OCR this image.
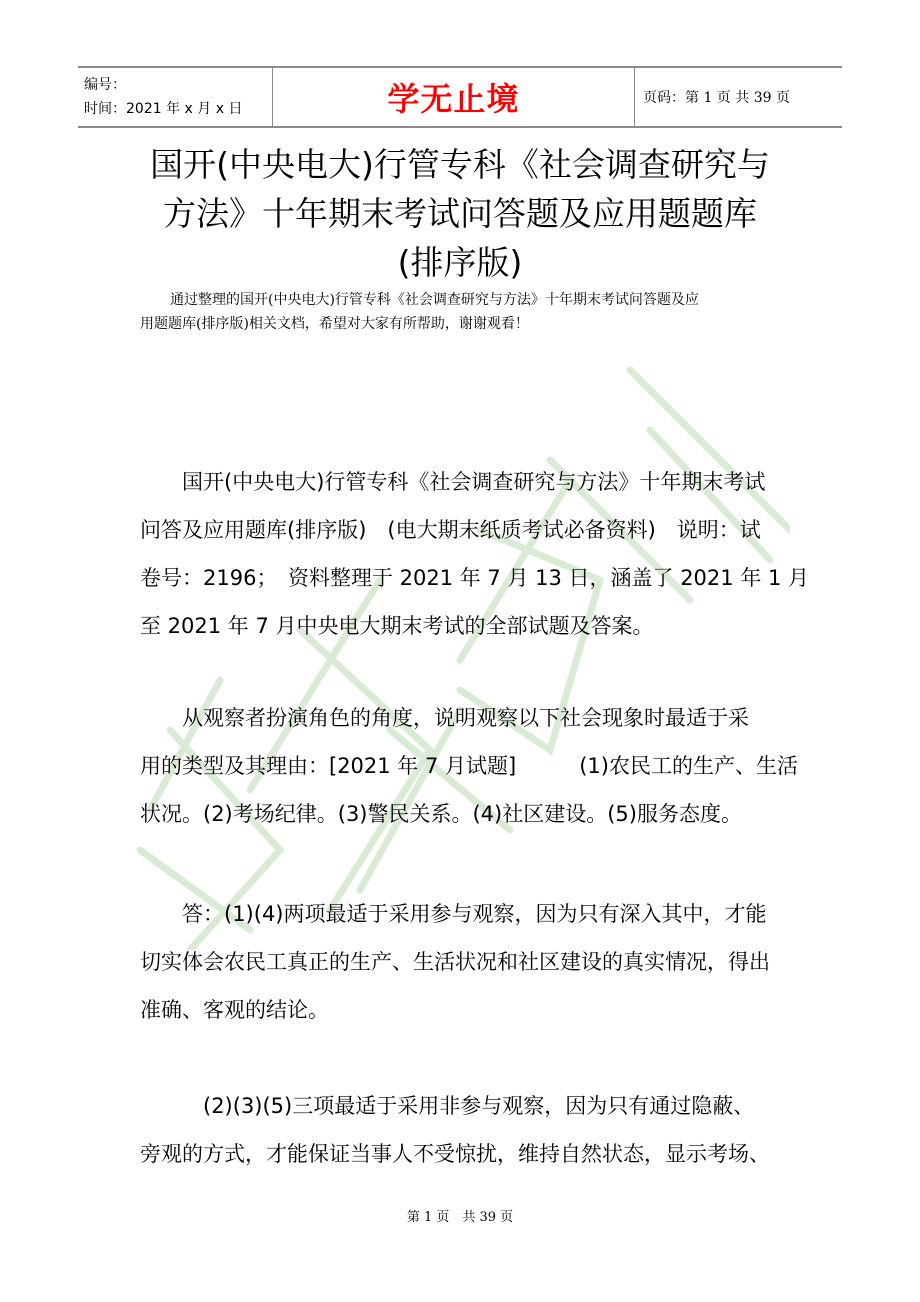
编号：
时间：2021 年 x 月 x 日	学无止境	页码：第 1 页 共 39 页
国开(中央电大)行管专科《社会调查研究与
方法》十年期末考试问答题及应用题题库
(排序版)
通过整理的国开(中央电大)行管专科《社会调查研究与方法》十年期末考试问答题及应
用题题库(排序版)相关文档，希望对大家有所帮助，谢谢观看！
　　国开(中央电大)行管专科《社会调查研究与方法》十年期末考试
问答及应用题库(排序版)　(电大期末纸质考试必备资料)　说明：试
卷号：2196；　资料整理于 2021 年 7 月 13 日，涵盖了 2021 年 1 月
至 2021 年 7 月中央电大期末考试的全部试题及答案。
　　从观察者扮演角色的角度，说明观察以下社会现象时最适于采
用的类型及其理由：[2021 年 7 月试题]　　　(1)农民工的生产、生活
状况。(2)考场纪律。(3)警民关系。(4)社区建设。(5)服务态度。
　　答：(1)(4)两项最适于采用参与观察，因为只有深入其中，才能
切实体会农民工真正的生产、生活状况和社区建设的真实情况，得出
准确、客观的结论。
　　　(2)(3)(5)三项最适于采用非参与观察，因为只有通过隐蔽、
旁观的方式，才能保证当事人不受惊扰，维持自然状态，显示考场、
第 1 页　共 39 页
